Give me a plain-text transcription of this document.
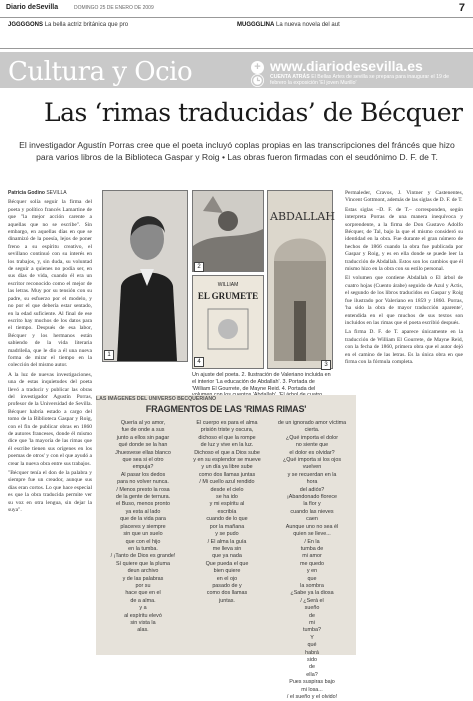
Diario deSevilla	DOMINGO 25 DE ENERO DE 2009	7
JGGGGONS La bella actriz británica que pro	MUGGGLINA La nueva novela del aut
Cultura y Ocio	+ www.diariodesevilla.es
CUENTA ATRÁS El Bellas Artes de sevilla se prepara para inaugurar el 19 de febrero la exposición 'El joven Murillo'
Las ‘rimas traducidas’ de Bécquer
El investigador Agustín Porras cree que el poeta incluyó coplas propias en las transcripciones del fráncés que hizo para varios libros de la Biblioteca Gaspar y Roig • Las obras fueron firmadas con el seudónimo D. F. de T.
Patricia Godino SEVILLA

Bécquer solía seguir la firma del poeta y político francés Lamartine de que "la mejor acción carente a aquellas que no se escribe". Sin embargo, en aquellas días en que se dinamizó de la poesía, lejos de poner freno a su espíritu creativo, el sevillano continuó con su interés en los trabajos, y, sin duda, su voluntad de seguir a quienes no podía ser, en sus días de vida, cuando él era un escritor reconocido como el mejor de las letras. Muy por su tensión con su padre, su esfuerzo por el modelo, y no por el que debería estar sentado, en la edad suficiente. Al final de ese escrito hay muchos de los datos para el tiempo. Después de esa labor, Bécquer y los hermanos están sabiendo de la vida literaria madrileña, que le dio a él una nueva forma de mirar el tiempo en la colección del mismo autor.

A la luz de nuevas investigaciones, una de estas inquietudes del poeta llevó a traducir y publicar las obras del investigador Agustín Porras, profesor de la Universidad de Sevilla. Bécquer habría estado a cargo del tomo de la Biblioteca Gaspar y Roig, con el fin de publicar obras en 1860 de autores franceses, donde él mismo dice que 'la mayoría de las rimas que él escribe tienen sus orígenes en los poemas de otros' y con el que ayudó a crear la nueva obra entre sus trabajos.

"Bécquer tenía el don de la palabra y siempre fue un creador, aunque sus días eran cortos. Lo que hace especial es que la obra traducida permite ver su voz en otra lengua, sin dejar la suya".

1
2
WILLIAM
EL GRUMETE
ABDALLAH
3
4
Un ajuste del poeta. 2. Ilustración de Valeriano incluida en el interior 'La educación de Abdallah'. 3. Portada de 'William El Gourrete, de Mayne Reid. 4. Portada del

Permaleder, Cravos, J. Vintner y Castenentes, Vincent Gottmont, además de las siglas de D. F. de T.

Estas siglas –D. F. de T.– corresponden, según interpreta Porras de una manera inequívoca y sorprendente, a la firma de Don Gustavo Adolfo Bécquer, de Tal, bajo la que el mismo consideró su identidad en la obra. Fue durante el gran número de hechos de 1866 cuando la obra fue publicada por Gaspar y Roig, y es en ella donde se puede leer la traducción de Abdallah. Estos son los cambios que él mismo hizo en la obra con su estilo personal.

El volumen que contiene Abdallah o El árbol de cuatro hojas (Cuento árabe) seguido de Azul y Actis, el segundo de los libros traducidos en Gaspar y Roig fue ilustrado por Valeriano en 1859 y 1860. Porras, 'ha sido la obra de mayor traducción aparente', entendida en el que muchos de sus textos son incluidos en las rimas que el poeta escribió después.

La firma D. F. de T. aparece únicamente en la traducción de William El Gourrete, de Mayne Reid, con la fecha de 1860, primera obra que el autor dejó en el camino de las letras. Es la única obra en que firma con la fórmula completa.

LAS IMÁGENES DEL UNIVERSO BECQUERIANO
FRAGMENTOS DE LAS 'RIMAS RIMAS'
Quería al yo amor,
fue de onde a sus
junto a ellos sin pagar
qué donde se la han
Jhuesvese ellas blanco
que sea si el otro
empuja?
Al pasar los dedos
para no volver nunca.
/ Menos presto la rosa
de la gente de ternura.
el Buso, menos pronto
ya esta al lado
que de la vida para
placeres y siempre
sin que un suelo
que con el hijo
en la tumba.
/ ¡Tanto de Dios es grande!
Sí quiere que la pluma
deun archivo
y de las palabras
por su
hace que en el
de a alma.
y a
al espíritu elevó
sin vista la
alas.
El cuerpo es para el alma
prisión triste y oscura,
dichoso el que la rompe
de luz y vive en la luz.
Dichoso el que a Dios sube
y en su esplendor se mueve
y un día ya libre sube
como dos llamas juntas
/ Mi cuello azul rendido
desde el cielo
se ha ido
y mi espíritu al
escribía
cuando de lo que
por la mañana
y se pudo
/ El alma la guía
me lleva sin
que ya nada
Que pueda el que
bien quiere
en el ojo
pasado de y
como dos llamas
juntas.
de un ignorado amor víctima cierta.
¿Qué importa el dolor
no siente que
el dolor es olvidar?
¿Qué importa si los ojos
vuelven
y se recuerdan en la
hora
del adiós?
¡Abandonado florece
la flor y
cuando las nieves
caen
Aunque uno no sea él
quien se lleve...
/ En la
tumba de
mi amor
me quedo
y en
que
la sombra
¿Sabe ya la diosa
/ ¿Será el
sueño
de
mi
tumba?
Y
qué
habrá
sido
de
ella?
Pues suspiras bajo
mi losa...
/ el sueño y el olvido!
